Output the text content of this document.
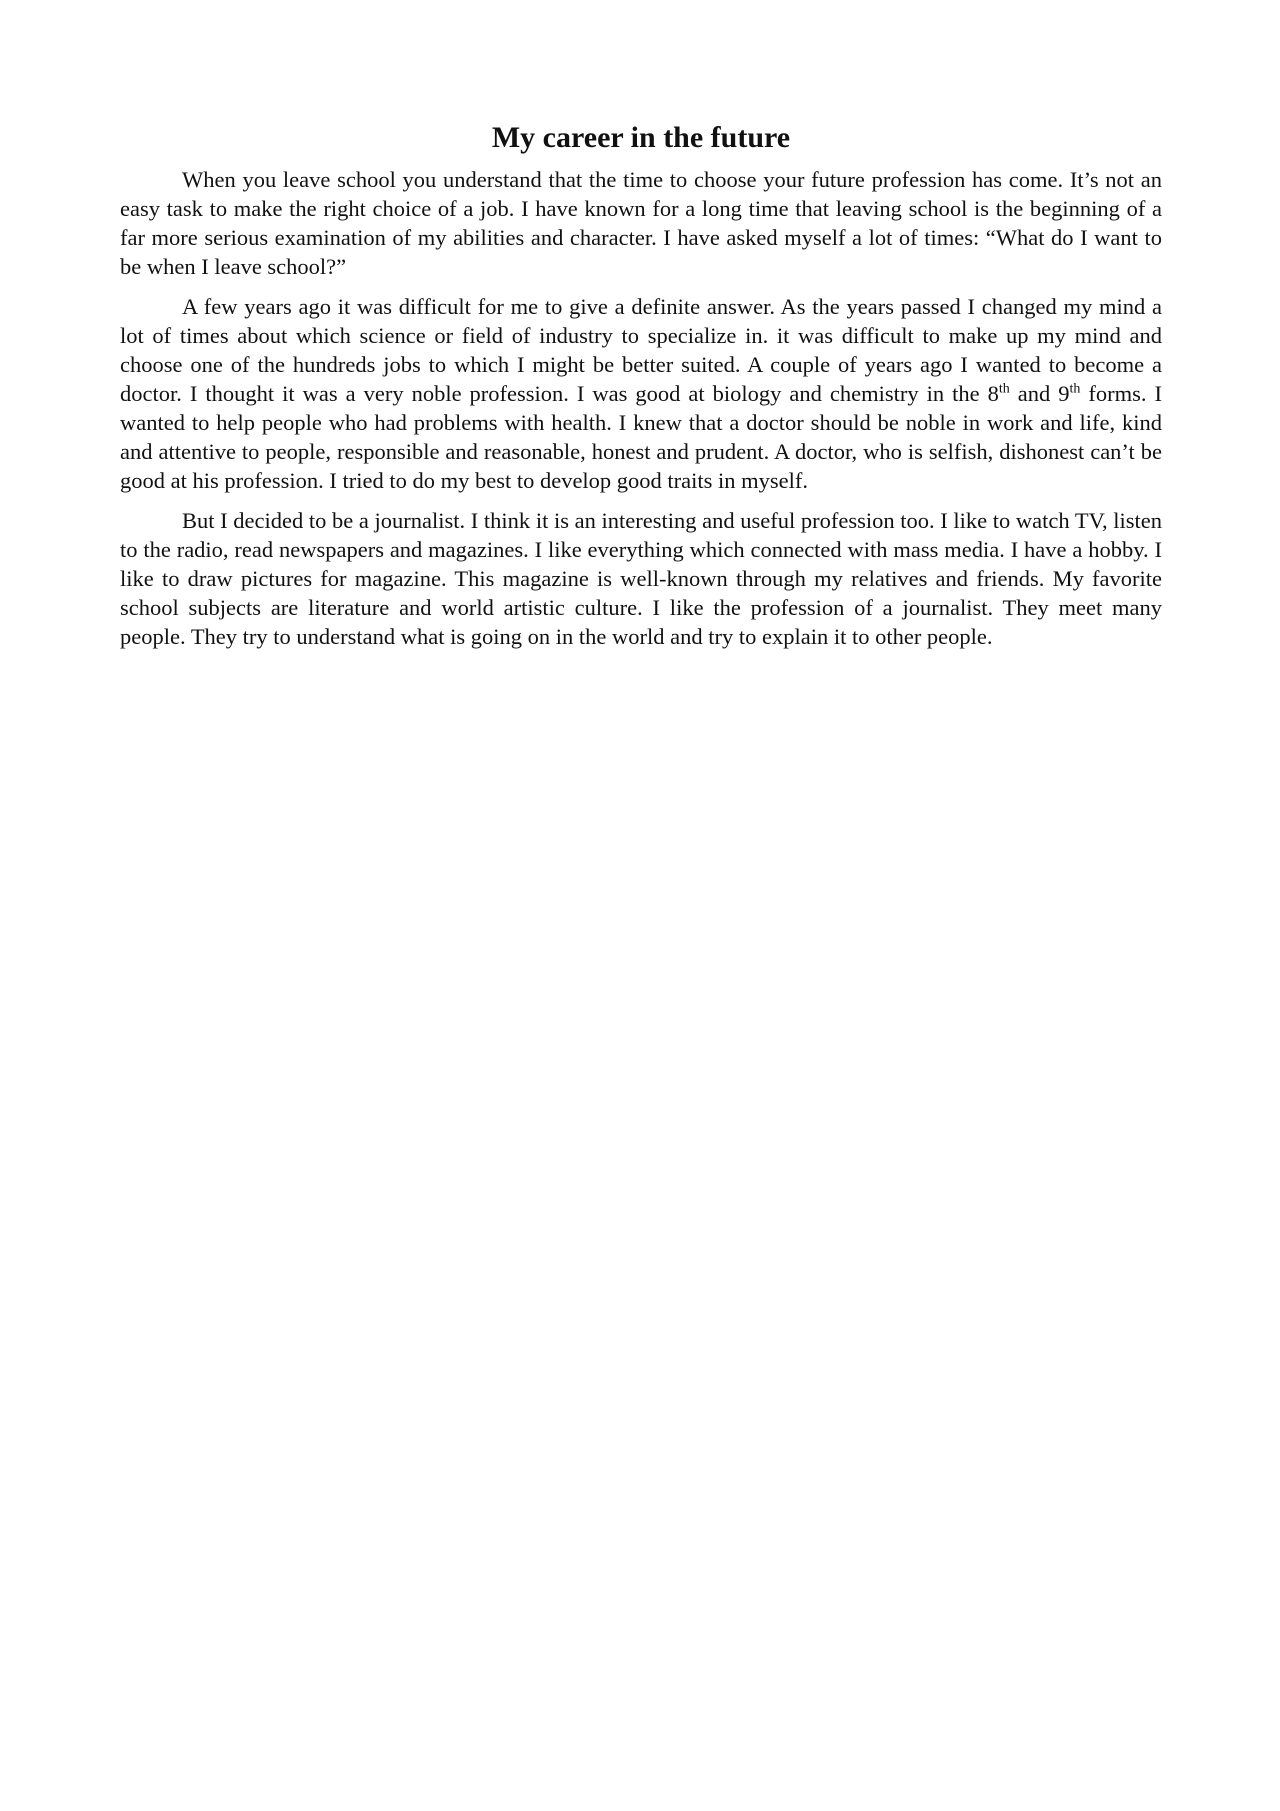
My career in the future

When you leave school you understand that the time to choose your future profession has come. It’s not an easy task to make the right choice of a job. I have known for a long time that leaving school is the beginning of a far more serious examination of my abilities and character. I have asked myself a lot of times: “What do I want to be when I leave school?”

A few years ago it was difficult for me to give a definite answer. As the years passed I changed my mind a lot of times about which science or field of industry to specialize in. it was difficult to make up my mind and choose one of the hundreds jobs to which I might be better suited. A couple of years ago I wanted to become a doctor. I thought it was a very noble profession. I was good at biology and chemistry in the 8th and 9th forms. I wanted to help people who had problems with health. I knew that a doctor should be noble in work and life, kind and attentive to people, responsible and reasonable, honest and prudent. A doctor, who is selfish, dishonest can’t be good at his profession. I tried to do my best to develop good traits in myself.

But I decided to be a journalist. I think it is an interesting and useful profession too. I like to watch TV, listen to the radio, read newspapers and magazines. I like everything which connected with mass media. I have a hobby. I like to draw pictures for magazine. This magazine is well-known through my relatives and friends. My favorite school subjects are literature and world artistic culture. I like the profession of a journalist. They meet many people. They try to understand what is going on in the world and try to explain it to other people.
